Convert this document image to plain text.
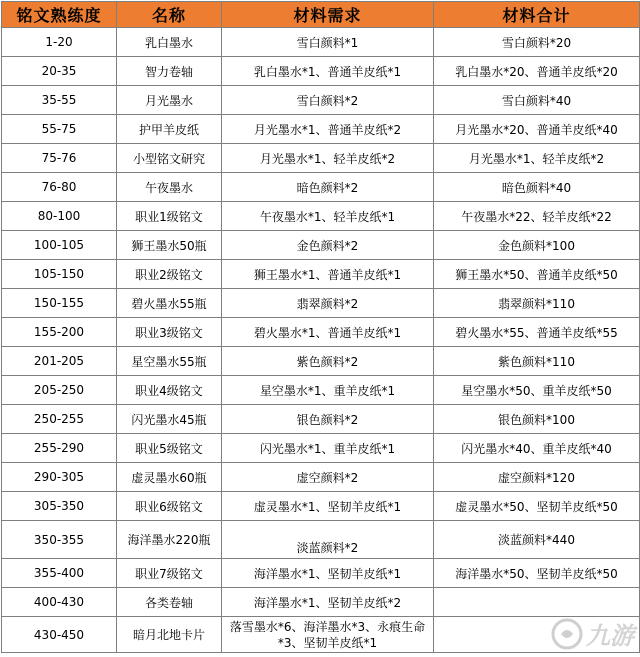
铭文熟练度	名称	材料需求	材料合计
1-20	乳白墨水	雪白颜料*1	雪白颜料*20
20-35	智力卷轴	乳白墨水*1、普通羊皮纸*1	乳白墨水*20、普通羊皮纸*20
35-55	月光墨水	雪白颜料*2	雪白颜料*40
55-75	护甲羊皮纸	月光墨水*1、普通羊皮纸*2	月光墨水*20、普通羊皮纸*40
75-76	小型铭文研究	月光墨水*1、轻羊皮纸*2	月光墨水*1、轻羊皮纸*2
76-80	午夜墨水	暗色颜料*2	暗色颜料*40
80-100	职业1级铭文	午夜墨水*1、轻羊皮纸*1	午夜墨水*22、轻羊皮纸*22
100-105	狮王墨水50瓶	金色颜料*2	金色颜料*100
105-150	职业2级铭文	狮王墨水*1、普通羊皮纸*1	狮王墨水*50、普通羊皮纸*50
150-155	碧火墨水55瓶	翡翠颜料*2	翡翠颜料*110
155-200	职业3级铭文	碧火墨水*1、普通羊皮纸*1	碧火墨水*55、普通羊皮纸*55
201-205	星空墨水55瓶	紫色颜料*2	紫色颜料*110
205-250	职业4级铭文	星空墨水*1、重羊皮纸*1	星空墨水*50、重羊皮纸*50
250-255	闪光墨水45瓶	银色颜料*2	银色颜料*100
255-290	职业5级铭文	闪光墨水*1、重羊皮纸*1	闪光墨水*40、重羊皮纸*40
290-305	虚灵墨水60瓶	虚空颜料*2	虚空颜料*120
305-350	职业6级铭文	虚灵墨水*1、坚韧羊皮纸*1	虚灵墨水*50、坚韧羊皮纸*50
350-355	海洋墨水220瓶	淡蓝颜料*2	淡蓝颜料*440
355-400	职业7级铭文	海洋墨水*1、坚韧羊皮纸*1	海洋墨水*50、坚韧羊皮纸*50
400-430	各类卷轴	海洋墨水*1、坚韧羊皮纸*2	
430-450	暗月北地卡片	落雪墨水*6、海洋墨水*3、永痕生命*3、坚韧羊皮纸*1		九游
